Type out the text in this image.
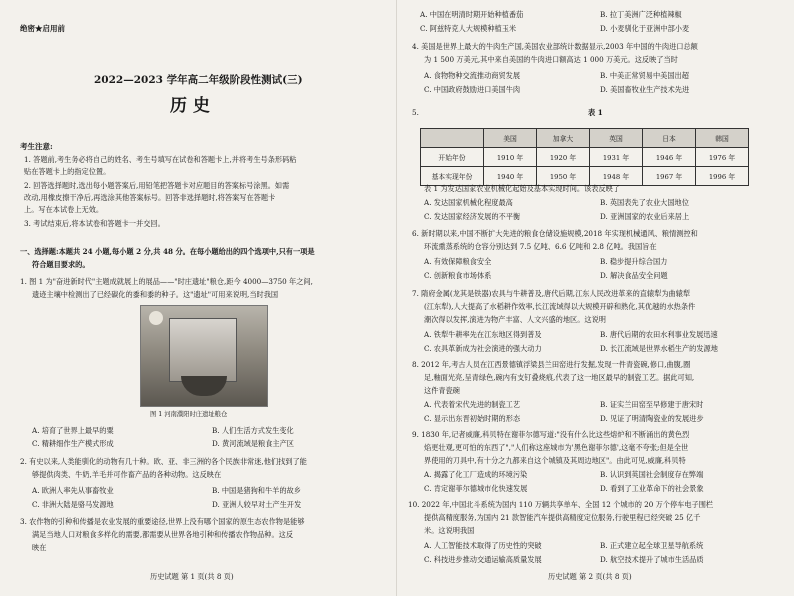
绝密★启用前
2022—2023 学年高二年级阶段性测试(三)
历 史
考生注意:
1. 答题前,考生务必将自己的姓名、考生号填写在试卷和答题卡上,并将考生号条形码粘
贴在答题卡上的指定位置。
2. 回答选择题时,选出每小题答案后,用铅笔把答题卡对应题目的答案标号涂黑。如需
改动,用橡皮擦干净后,再选涂其他答案标号。回答非选择题时,将答案写在答题卡
上。写在本试卷上无效。
3. 考试结束后,将本试卷和答题卡一并交回。
一、选择题:本题共 24 小题,每小题 2 分,共 48 分。在每小题给出的四个选项中,只有一项是
符合题目要求的。
1. 图 1 为"奋进新时代"主题成就展上的展品——"时庄遗址"粮仓,距今 4000—3750 年之间,
遗迹主壤中检测出了已经碳化的黍和黍的种子。这"遗址"可用来说明,当时我国
图 1 河南濮阳时庄遗址粮仓
A. 培育了世界上最早的粟	B. 人们生活方式发生变化
C. 精耕细作生产模式形成	D. 黄河流域是粮食主产区
2. 有史以来,人类能驯化的动物有几十种。欧、亚、非三洲的各个民族非常迷,他们找到了能
够提供肉类、牛奶,羊毛并可作畜产品的各种动物。这反映在
A. 欧洲人率先从事畜牧业	B. 中国是猪狗和牛羊的故乡
C. 非洲大陆是骆马发源地	D. 亚洲人较早对土产生开发
3. 农作物的引种和传播是农业发展的重要途径,世界上没有哪个国家的原生态农作物是能够
满足当地人口对粮食多样化的需要,都需要从世界各地引种和传播农作物品种。这反
映在
历史试题 第 1 页(共 8 页)
A. 中国在明清时期开始种植番茄	B. 拉丁美洲广泛种植辣椒
C. 阿兹特克人大规模种植玉米	D. 小麦驯化于亚洲中部小麦
4. 美国是世界上最大的牛肉生产国,美国农业部统计数据显示,2003 年中国的牛肉进口总额
为 1 500 万美元,其中来自美国的牛肉进口额高达 1 000 万美元。这反映了当时
A. 食物物种交流推动商贸发展	B. 中美正常贸易中美国出超
C. 中国政府鼓励进口美国牛肉	D. 美国畜牧业生产技术先进
5.	表 1
	美国	加拿大	英国	日本	韩国
开始年份	1910 年	1920 年	1931 年	1946 年	1976 年
基本实现年份	1940 年	1950 年	1948 年	1967 年	1996 年
表 1 为发达国家农业机械化起始及基本实现时间。该表反映了
A. 发达国家机械化程度最高	B. 英国表先了农业大国地位
C. 发达国家经济发展的不平衡	D. 亚洲国家的农业后来居上
6. 新时期以来,中国不断扩大先进的粮食仓储设施规模,2018 年实现机械通风、粮情测控和
环流熏蒸系统的仓容分别达到 7.5 亿吨、6.6 亿吨和 2.8 亿吨。我国旨在
A. 有效保障粮食安全	B. 稳步提升综合国力
C. 创新粮食市场体系	D. 解决食品安全问题
7. 隋府金属(龙其是铁器)农具与牛耕普及,唐代后期,江东人民改进革来的直辕犁为曲辕犁
(江东犁),人大提高了水稻耕作效率,长江流域得以大规模开辟和熟化,其优越的水热条件
潮次得以发挥,演进为物产丰富、人文兴盛的地区。这说明
A. 铁犁牛耕率先在江东地区得到普及	B. 唐代后期的农田水利事业发展迅速
C. 农具革新成为社会演进的强大动力	D. 长江流域是世界水稻生产的发源地
8. 2012 年,考古人员在江西景德镇浮梁县兰田窑进行发掘,发现一件青瓷碗,修口,曲腹,圈
足,釉面光亮,呈青绿色,碗内有支钉叠烧痕,代表了这一地区最早的制瓷工艺。据此可知,
这件青瓷碗
A. 代表着宋代先进的制瓷工艺	B. 证实兰田窑至早修建于唐宋时
C. 显示出东晋初始时期的形态	D. 见证了明清陶瓷业的发展进步
9. 1830 年,记者威廉,科贝特在谢菲尔德写道:"没有什么比这些熔炉和不断涌出的黄色烈
焰更壮观,更可怕的东西了","人们称这座城市为'黑色谢菲尔德',这毫不夸张;但是全世
界使用的刀具中,有十分之九都来自这个城镇及其周边地区"。由此可见,威廉,科贝特
A. 揭露了化工厂造成的环境污染	B. 认识到英国社会制度存在弊端
C. 肯定谢菲尔德城市化快速发展	D. 看到了工业革命下的社会景象
10. 2022 年,中国北斗系统为国内 110 万辆共享单车、全国 12 个城市的 20 万个停车电子围栏
提供高精度服务,为国内 21 款智能汽车提供高精度定位服务,行驶里程已经突破 25 亿千
米。这说明我国
A. 人工智能技术取得了历史性的突破	B. 正式建立起全球卫星导航系统
C. 科技进步推动交通运输高质量发展	D. 航空技术提升了城市生活品质
历史试题 第 2 页(共 8 页)
